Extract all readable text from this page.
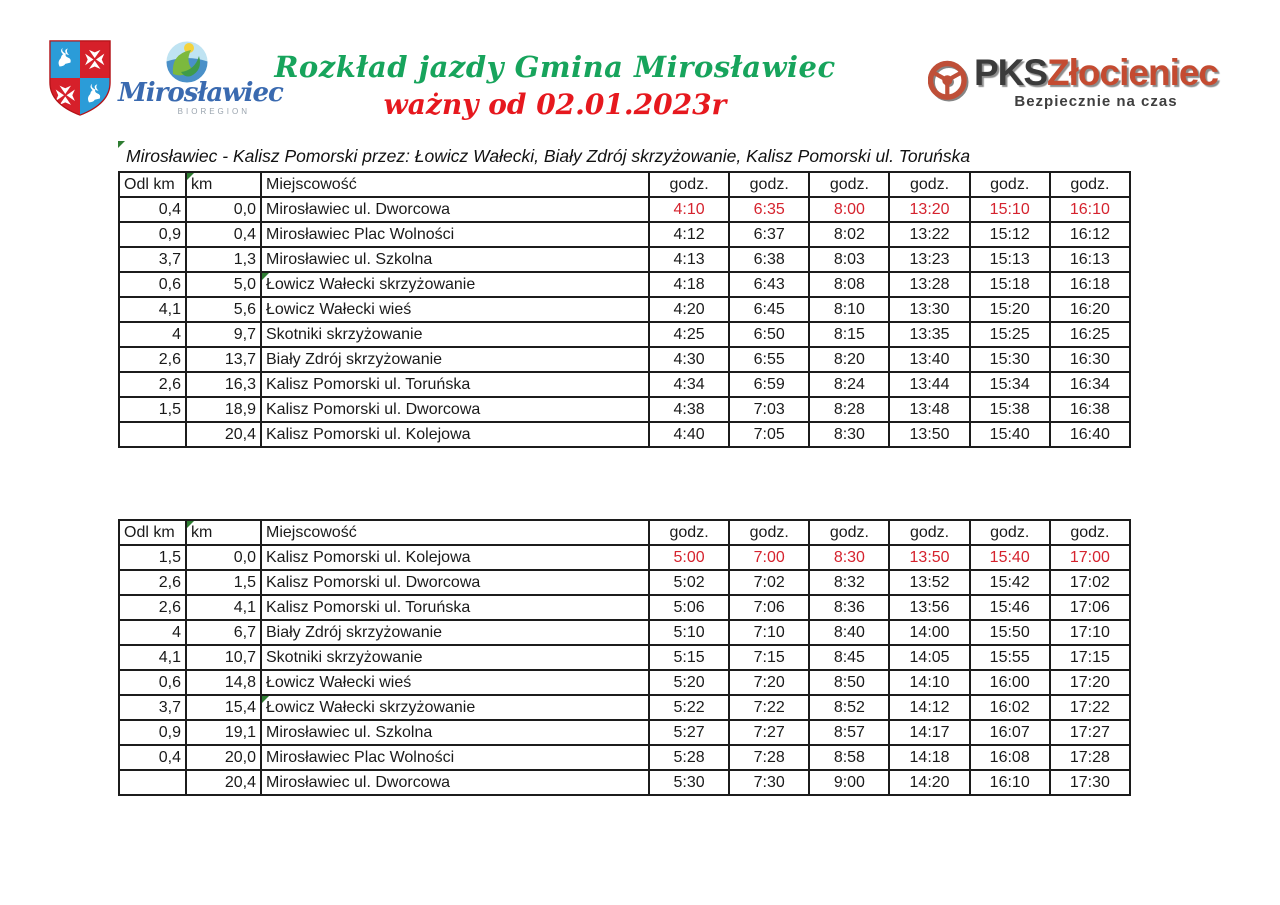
Mirosławiec
BIOREGION
Rozkład jazdy Gmina Mirosławiec
ważny od 02.01.2023r
PKSZłocieniec
Bezpiecznie na czas
Mirosławiec - Kalisz Pomorski przez: Łowicz Wałecki, Biały Zdrój skrzyżowanie, Kalisz Pomorski ul. Toruńska
Odl km	km	Miejscowość	godz.	godz.	godz.	godz.	godz.	godz.
0,4	0,0	Mirosławiec ul. Dworcowa	4:10	6:35	8:00	13:20	15:10	16:10
0,9	0,4	Mirosławiec Plac Wolności	4:12	6:37	8:02	13:22	15:12	16:12
3,7	1,3	Mirosławiec ul. Szkolna	4:13	6:38	8:03	13:23	15:13	16:13
0,6	5,0	Łowicz Wałecki skrzyżowanie	4:18	6:43	8:08	13:28	15:18	16:18
4,1	5,6	Łowicz Wałecki wieś	4:20	6:45	8:10	13:30	15:20	16:20
4	9,7	Skotniki skrzyżowanie	4:25	6:50	8:15	13:35	15:25	16:25
2,6	13,7	Biały Zdrój skrzyżowanie	4:30	6:55	8:20	13:40	15:30	16:30
2,6	16,3	Kalisz Pomorski ul. Toruńska	4:34	6:59	8:24	13:44	15:34	16:34
1,5	18,9	Kalisz Pomorski ul. Dworcowa	4:38	7:03	8:28	13:48	15:38	16:38
	20,4	Kalisz Pomorski ul. Kolejowa	4:40	7:05	8:30	13:50	15:40	16:40
Odl km	km	Miejscowość	godz.	godz.	godz.	godz.	godz.	godz.
1,5	0,0	Kalisz Pomorski ul. Kolejowa	5:00	7:00	8:30	13:50	15:40	17:00
2,6	1,5	Kalisz Pomorski ul. Dworcowa	5:02	7:02	8:32	13:52	15:42	17:02
2,6	4,1	Kalisz Pomorski ul. Toruńska	5:06	7:06	8:36	13:56	15:46	17:06
4	6,7	Biały Zdrój skrzyżowanie	5:10	7:10	8:40	14:00	15:50	17:10
4,1	10,7	Skotniki skrzyżowanie	5:15	7:15	8:45	14:05	15:55	17:15
0,6	14,8	Łowicz Wałecki wieś	5:20	7:20	8:50	14:10	16:00	17:20
3,7	15,4	Łowicz Wałecki skrzyżowanie	5:22	7:22	8:52	14:12	16:02	17:22
0,9	19,1	Mirosławiec ul. Szkolna	5:27	7:27	8:57	14:17	16:07	17:27
0,4	20,0	Mirosławiec Plac Wolności	5:28	7:28	8:58	14:18	16:08	17:28
	20,4	Mirosławiec ul. Dworcowa	5:30	7:30	9:00	14:20	16:10	17:30
